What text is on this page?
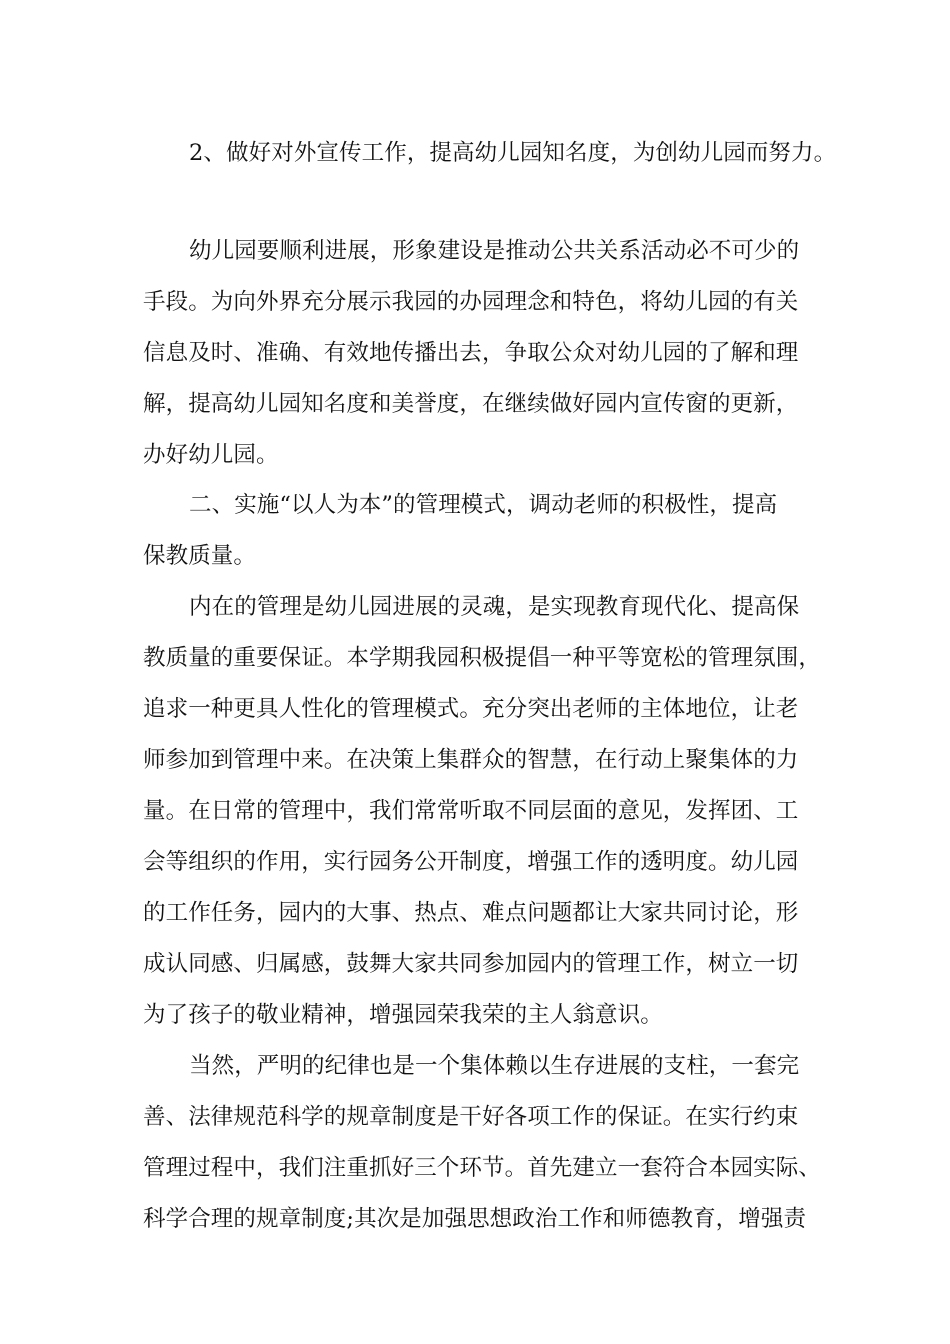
2、做好对外宣传工作，提高幼儿园知名度，为创幼儿园而努力。

幼儿园要顺利进展，形象建设是推动公共关系活动必不可少的

手段。为向外界充分展示我园的办园理念和特色，将幼儿园的有关

信息及时、准确、有效地传播出去，争取公众对幼儿园的了解和理

解，提高幼儿园知名度和美誉度，在继续做好园内宣传窗的更新，

办好幼儿园。

二、实施“以人为本”的管理模式，调动老师的积极性，提高

保教质量。

内在的管理是幼儿园进展的灵魂，是实现教育现代化、提高保

教质量的重要保证。本学期我园积极提倡一种平等宽松的管理氛围，

追求一种更具人性化的管理模式。充分突出老师的主体地位，让老

师参加到管理中来。在决策上集群众的智慧，在行动上聚集体的力

量。在日常的管理中，我们常常听取不同层面的意见，发挥团、工

会等组织的作用，实行园务公开制度，增强工作的透明度。幼儿园

的工作任务，园内的大事、热点、难点问题都让大家共同讨论，形

成认同感、归属感，鼓舞大家共同参加园内的管理工作，树立一切

为了孩子的敬业精神，增强园荣我荣的主人翁意识。

当然，严明的纪律也是一个集体赖以生存进展的支柱，一套完

善、法律规范科学的规章制度是干好各项工作的保证。在实行约束

管理过程中，我们注重抓好三个环节。首先建立一套符合本园实际、

科学合理的规章制度;其次是加强思想政治工作和师德教育，增强责
